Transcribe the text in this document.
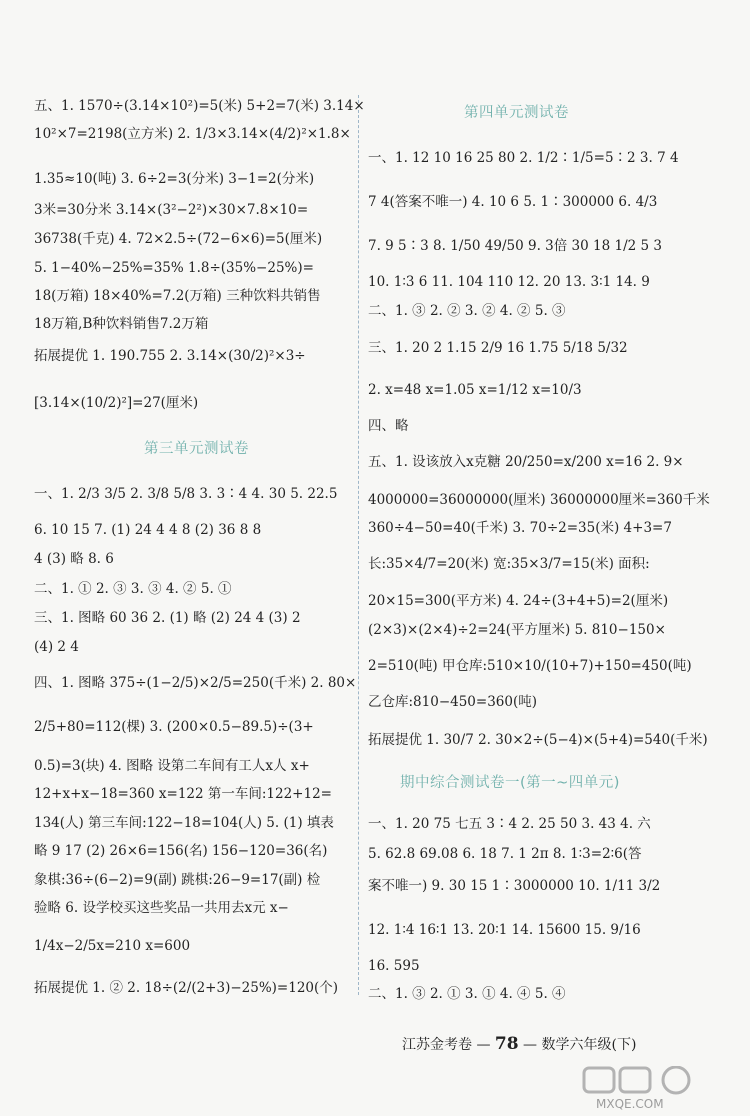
五、1. 1570÷(3.14×10²)=5(米) 5+2=7(米) 3.14×
10²×7=2198(立方米) 2. 1/3×3.14×(4/2)²×1.8×
1.35≈10(吨) 3. 6÷2=3(分米) 3−1=2(分米)
3米=30分米 3.14×(3²−2²)×30×7.8×10=
36738(千克) 4. 72×2.5÷(72−6×6)=5(厘米)
5. 1−40%−25%=35% 1.8÷(35%−25%)=
18(万箱) 18×40%=7.2(万箱) 三种饮料共销售
18万箱,B种饮料销售7.2万箱
拓展提优 1. 190.755 2. 3.14×(30/2)²×3÷
[3.14×(10/2)²]=27(厘米)
第三单元测试卷
一、1. 2/3 3/5 2. 3/8 5/8 3. 3∶4 4. 30 5. 22.5
6. 10 15 7. (1) 24 4 4 8 (2) 36 8 8
4 (3) 略 8. 6
二、1. ① 2. ③ 3. ③ 4. ② 5. ①
三、1. 图略 60 36 2. (1) 略 (2) 24 4 (3) 2
(4) 2 4
四、1. 图略 375÷(1−2/5)×2/5=250(千米) 2. 80×
2/5+80=112(棵) 3. (200×0.5−89.5)÷(3+
0.5)=3(块) 4. 图略 设第二车间有工人x人 x+
12+x+x−18=360 x=122 第一车间:122+12=
134(人) 第三车间:122−18=104(人) 5. (1) 填表
略 9 17 (2) 26×6=156(名) 156−120=36(名)
象棋:36÷(6−2)=9(副) 跳棋:26−9=17(副) 检
验略 6. 设学校买这些奖品一共用去x元 x−
1/4x−2/5x=210 x=600
拓展提优 1. ② 2. 18÷(2/(2+3)−25%)=120(个)
第四单元测试卷
一、1. 12 10 16 25 80 2. 1/2∶1/5=5∶2 3. 7 4
7 4(答案不唯一) 4. 10 6 5. 1∶300000 6. 4/3
7. 9 5∶3 8. 1/50 49/50 9. 3倍 30 18 1/2 5 3
10. 1∶3 6 11. 104 110 12. 20 13. 3∶1 14. 9
二、1. ③ 2. ② 3. ② 4. ② 5. ③
三、1. 20 2 1.15 2/9 16 1.75 5/18 5/32
2. x=48 x=1.05 x=1/12 x=10/3
四、略
五、1. 设该放入x克糖 20/250=x/200 x=16 2. 9×
4000000=36000000(厘米) 36000000厘米=360千米
360÷4−50=40(千米) 3. 70÷2=35(米) 4+3=7
长:35×4/7=20(米) 宽:35×3/7=15(米) 面积:
20×15=300(平方米) 4. 24÷(3+4+5)=2(厘米)
(2×3)×(2×4)÷2=24(平方厘米) 5. 810−150×
2=510(吨) 甲仓库:510×10/(10+7)+150=450(吨)
乙仓库:810−450=360(吨)
拓展提优 1. 30/7 2. 30×2÷(5−4)×(5+4)=540(千米)
期中综合测试卷一(第一~四单元)
一、1. 20 75 七五 3∶4 2. 25 50 3. 43 4. 六
5. 62.8 69.08 6. 18 7. 1 2π 8. 1∶3=2∶6(答
案不唯一) 9. 30 15 1∶3000000 10. 1/11 3/2
12. 1∶4 16∶1 13. 20∶1 14. 15600 15. 9/16
16. 595
二、1. ③ 2. ① 3. ① 4. ④ 5. ④
江苏金考卷 — 78 — 数学六年级(下)
MXQE.COM
